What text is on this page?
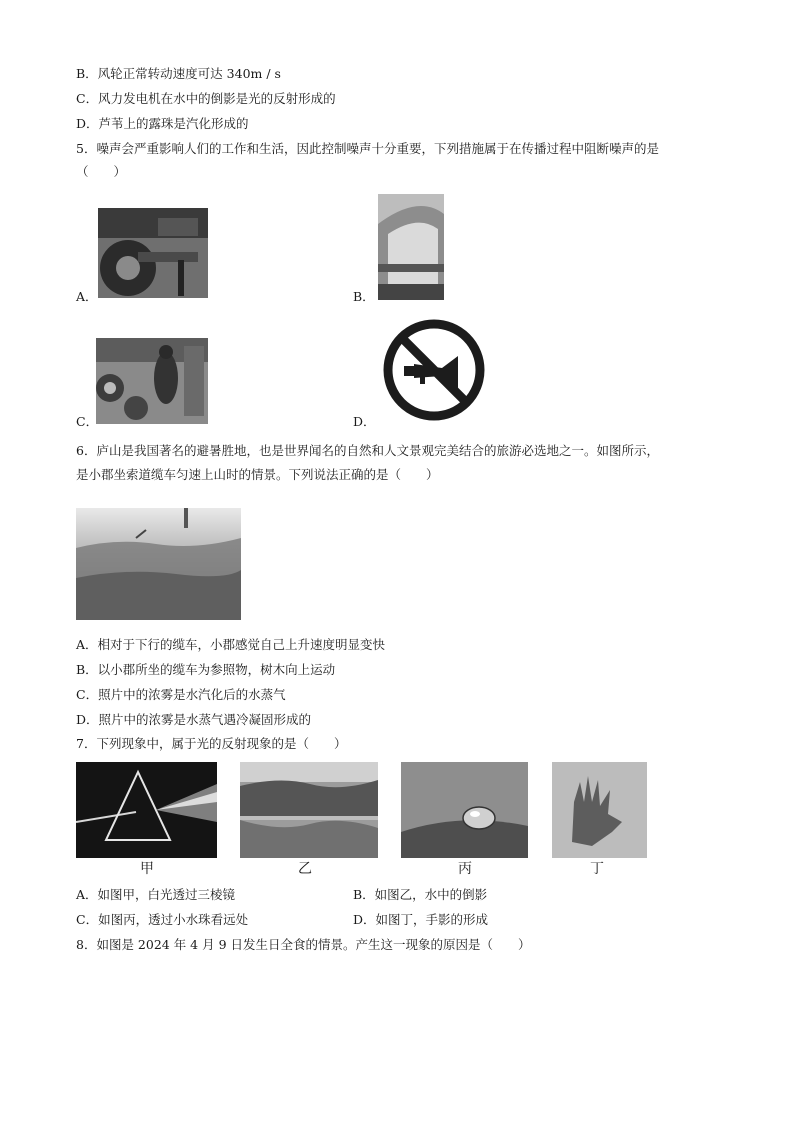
B．风轮正常转动速度可达 340m / s
C．风力发电机在水中的倒影是光的反射形成的
D．芦苇上的露珠是汽化形成的
5．噪声会严重影响人们的工作和生活，因此控制噪声十分重要，下列措施属于在传播过程中阻断噪声的是
（　　）
A．	B．
C．	D．
6．庐山是我国著名的避暑胜地，也是世界闻名的自然和人文景观完美结合的旅游必选地之一。如图所示，
是小郡坐索道缆车匀速上山时的情景。下列说法正确的是（　　）
A．相对于下行的缆车，小郡感觉自己上升速度明显变快
B．以小郡所坐的缆车为参照物，树木向上运动
C．照片中的浓雾是水汽化后的水蒸气
D．照片中的浓雾是水蒸气遇冷凝固形成的
7．下列现象中，属于光的反射现象的是（　　）
甲	乙	丙	丁
A．如图甲，白光透过三棱镜	B．如图乙，水中的倒影
C．如图丙，透过小水珠看远处	D．如图丁，手影的形成
8．如图是 2024 年 4 月 9 日发生日全食的情景。产生这一现象的原因是（　　）
